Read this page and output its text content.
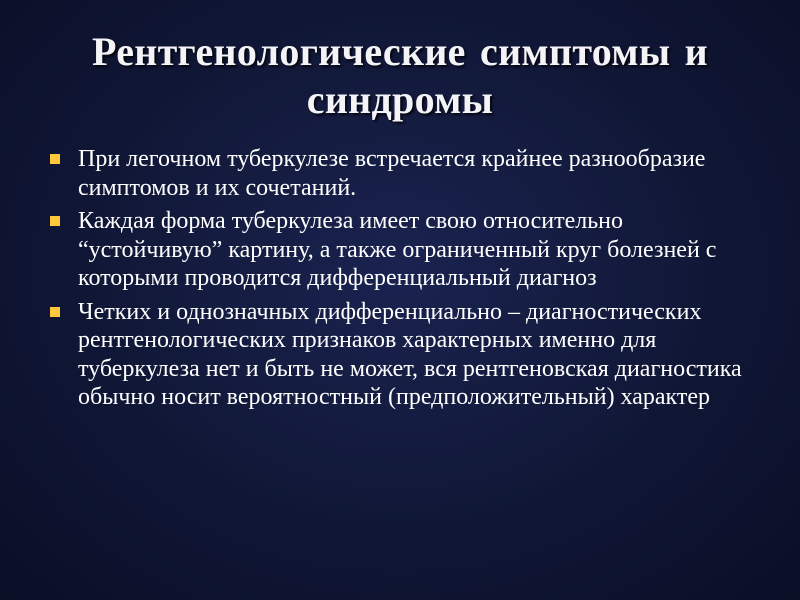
Рентгенологические симптомы и синдромы
При легочном туберкулезе встречается крайнее разнообразие симптомов и их сочетаний.
Каждая форма туберкулеза имеет свою относительно “устойчивую” картину, а также ограниченный круг болезней с которыми проводится дифференциальный диагноз
Четких и однозначных дифференциально – диагностических рентгенологических признаков характерных именно для туберкулеза нет и быть не может, вся рентгеновская диагностика обычно носит вероятностный (предположительный) характер
